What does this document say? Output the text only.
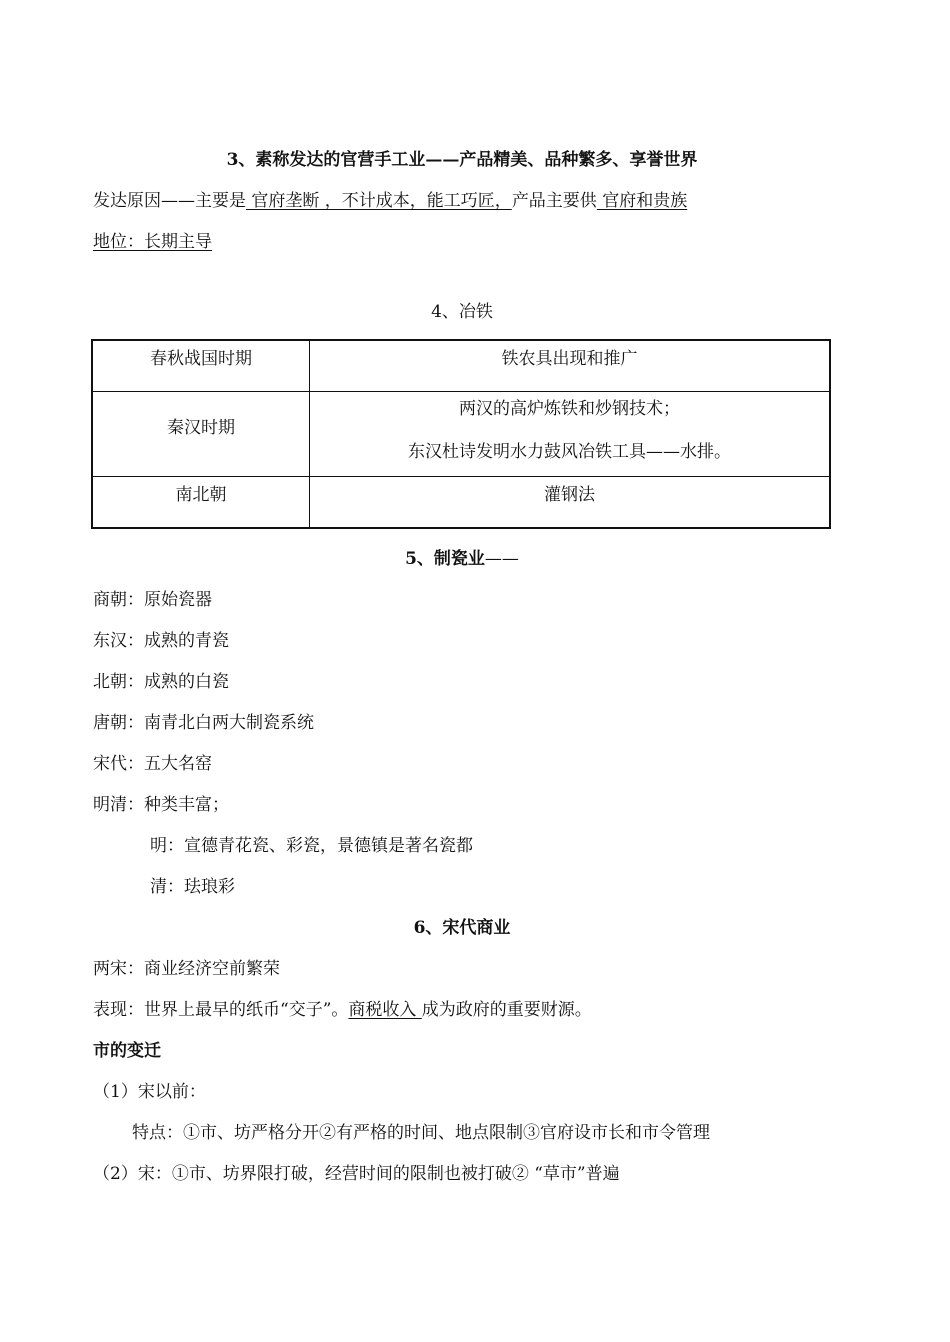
3、素称发达的官营手工业——产品精美、品种繁多、享誉世界
发达原因——主要是 官府垄断 ，不计成本，能工巧匠，产品主要供 官府和贵族
地位：长期主导
4、冶铁
春秋战国时期	铁农具出现和推广

秦汉时期	两汉的高炉炼铁和炒钢技术；
东汉杜诗发明水力鼓风冶铁工具——水排。

南北朝	灌钢法
5、制瓷业——
商朝：原始瓷器
东汉：成熟的青瓷
北朝：成熟的白瓷
唐朝：南青北白两大制瓷系统
宋代：五大名窑
明清：种类丰富；
明：宣德青花瓷、彩瓷，景德镇是著名瓷都
清：珐琅彩
6、宋代商业
两宋：商业经济空前繁荣
表现：世界上最早的纸币“交子”。商税收入 成为政府的重要财源。
市的变迁
（1）宋以前：
特点：①市、坊严格分开②有严格的时间、地点限制③官府设市长和市令管理
（2）宋：①市、坊界限打破，经营时间的限制也被打破② “草市”普遍
